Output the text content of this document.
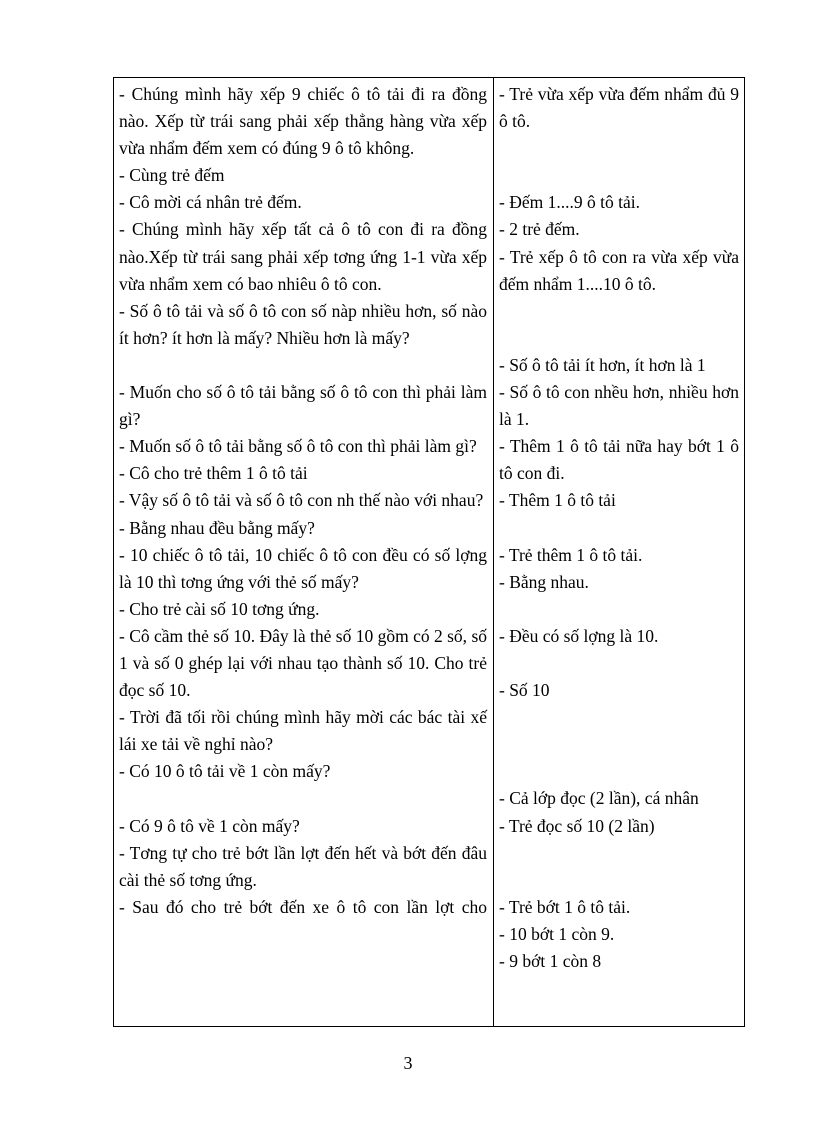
- Chúng mình hãy xếp 9 chiếc ô tô tải đi ra đồng nào. Xếp từ trái sang phải xếp thẳng hàng vừa xếp vừa nhẩm đếm xem có đúng 9 ô tô không.

- Cùng trẻ đếm

- Cô mời cá nhân trẻ đếm.

- Chúng mình hãy xếp tất cả ô tô con đi ra đồng nào.Xếp từ trái sang phải xếp tơng ứng 1-1 vừa xếp vừa nhẩm xem có bao nhiêu ô tô con.

- Số ô tô tải và số ô tô con số nàp nhiều hơn, số nào ít hơn? ít hơn là mấy? Nhiều hơn là mấy?

- Muốn cho số ô tô tải bằng số ô tô con thì phải làm gì?

- Muốn số ô tô tải bằng số ô tô con thì phải làm gì?

- Cô cho trẻ thêm 1 ô tô tải

- Vậy số ô tô tải và số ô tô con nh thế nào với nhau?

- Bằng nhau đều bằng mấy?

- 10 chiếc ô tô tải, 10 chiếc ô tô con đều có số lợng là 10 thì tơng ứng với thẻ số mấy?

- Cho trẻ cài số 10 tơng ứng.

- Cô cầm thẻ số 10. Đây là thẻ số 10 gồm có 2 số, số 1 và số 0 ghép lại với nhau tạo thành số 10. Cho trẻ đọc số 10.

- Trời đã tối rồi chúng mình hãy mời các bác tài xế lái xe tải về nghỉ nào?

- Có 10 ô tô tải về 1 còn mấy?

- Có 9 ô tô về 1 còn mấy?

- Tơng tự cho trẻ bớt lần lợt đến hết và bớt đến đâu cài thẻ số tơng ứng.

- Sau đó cho trẻ bớt đến xe ô tô con lần lợt cho

- Trẻ vừa xếp vừa đếm nhẩm đủ 9 ô tô.

- Đếm 1....9 ô tô tải.

- 2 trẻ đếm.

- Trẻ xếp ô tô con ra vừa xếp vừa đếm nhẩm 1....10 ô tô.

- Số ô tô tải ít hơn, ít hơn là 1

- Số ô tô con nhều hơn, nhiều hơn là 1.

- Thêm 1 ô tô tải nữa hay bớt 1 ô tô con đi.

- Thêm 1 ô tô tải

- Trẻ thêm 1 ô tô tải.

- Bằng nhau.

- Đều có số lợng là 10.

- Số 10

- Cả lớp đọc (2 lần), cá nhân

- Trẻ đọc số 10 (2 lần)

- Trẻ bớt 1 ô tô tải.

- 10 bớt 1 còn 9.

- 9 bớt 1 còn 8

3
